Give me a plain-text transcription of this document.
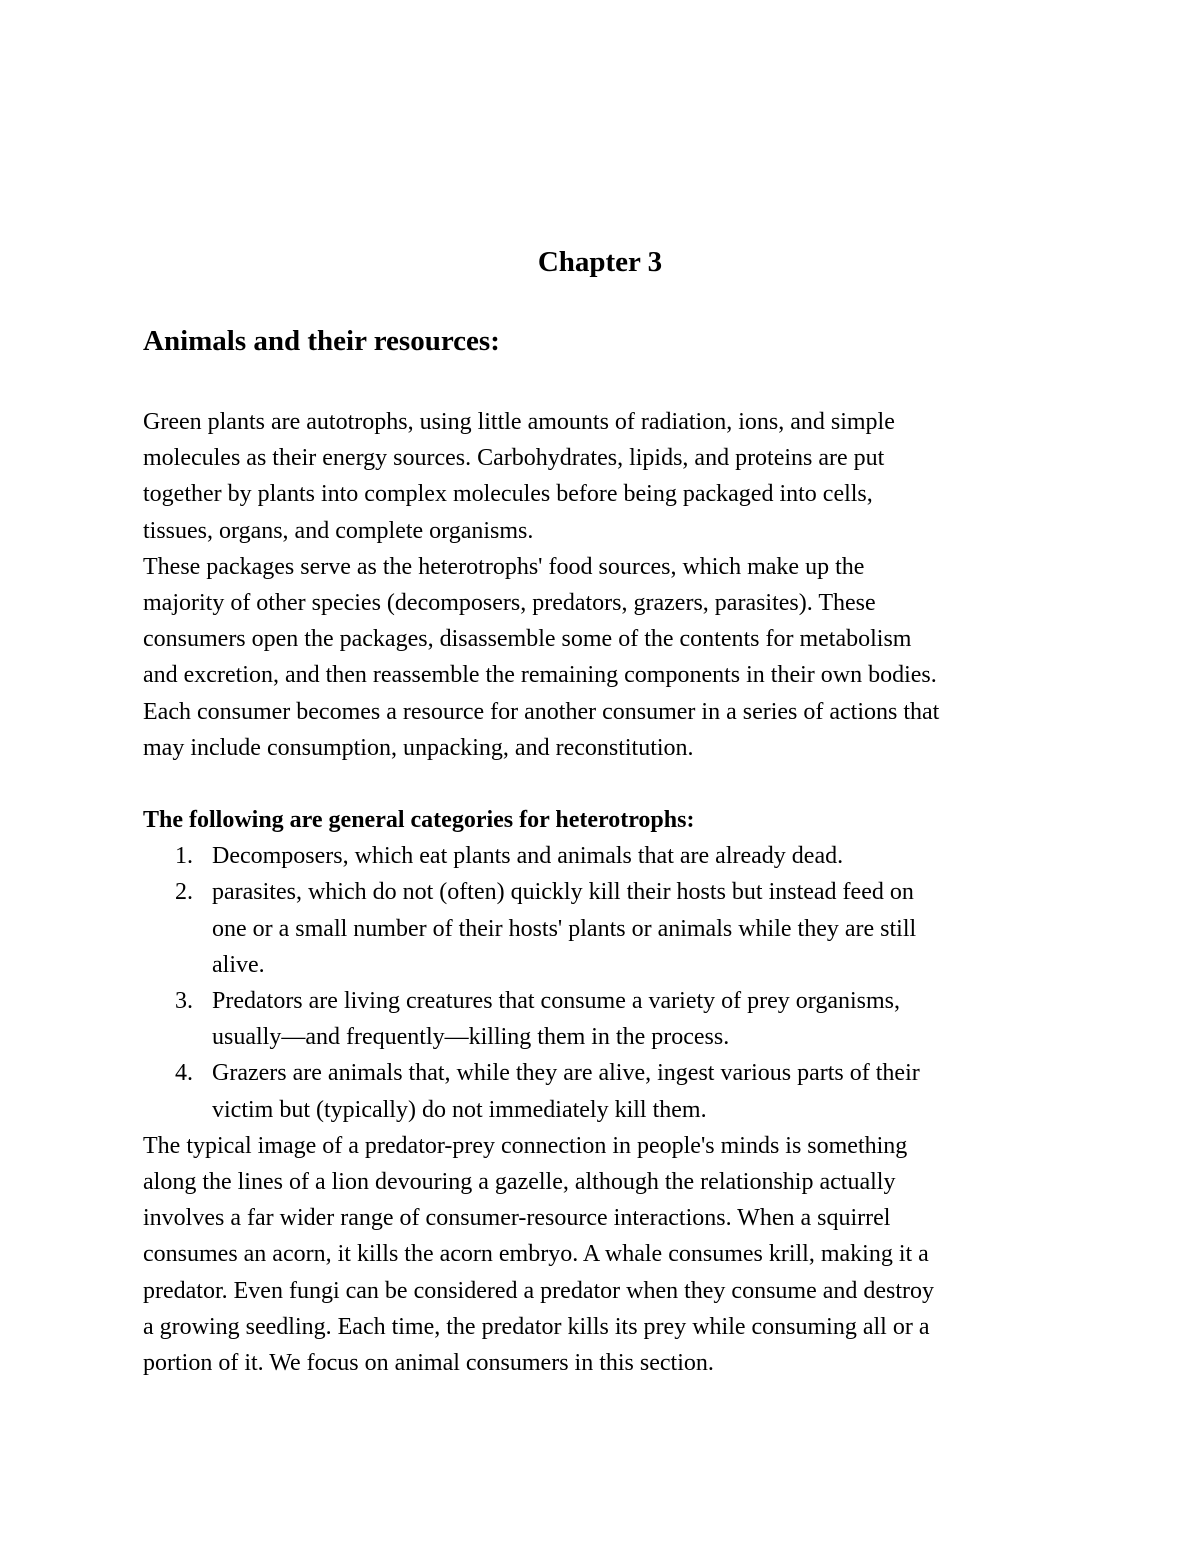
Chapter 3
Animals and their resources:
Green plants are autotrophs, using little amounts of radiation, ions, and simple
molecules as their energy sources. Carbohydrates, lipids, and proteins are put
together by plants into complex molecules before being packaged into cells,
tissues, organs, and complete organisms.
These packages serve as the heterotrophs' food sources, which make up the
majority of other species (decomposers, predators, grazers, parasites). These
consumers open the packages, disassemble some of the contents for metabolism
and excretion, and then reassemble the remaining components in their own bodies.
Each consumer becomes a resource for another consumer in a series of actions that
may include consumption, unpacking, and reconstitution.
The following are general categories for heterotrophs:
1. Decomposers, which eat plants and animals that are already dead.
2. parasites, which do not (often) quickly kill their hosts but instead feed on
one or a small number of their hosts' plants or animals while they are still
alive.
3. Predators are living creatures that consume a variety of prey organisms,
usually—and frequently—killing them in the process.
4. Grazers are animals that, while they are alive, ingest various parts of their
victim but (typically) do not immediately kill them.
The typical image of a predator-prey connection in people's minds is something
along the lines of a lion devouring a gazelle, although the relationship actually
involves a far wider range of consumer-resource interactions. When a squirrel
consumes an acorn, it kills the acorn embryo. A whale consumes krill, making it a
predator. Even fungi can be considered a predator when they consume and destroy
a growing seedling. Each time, the predator kills its prey while consuming all or a
portion of it. We focus on animal consumers in this section.
